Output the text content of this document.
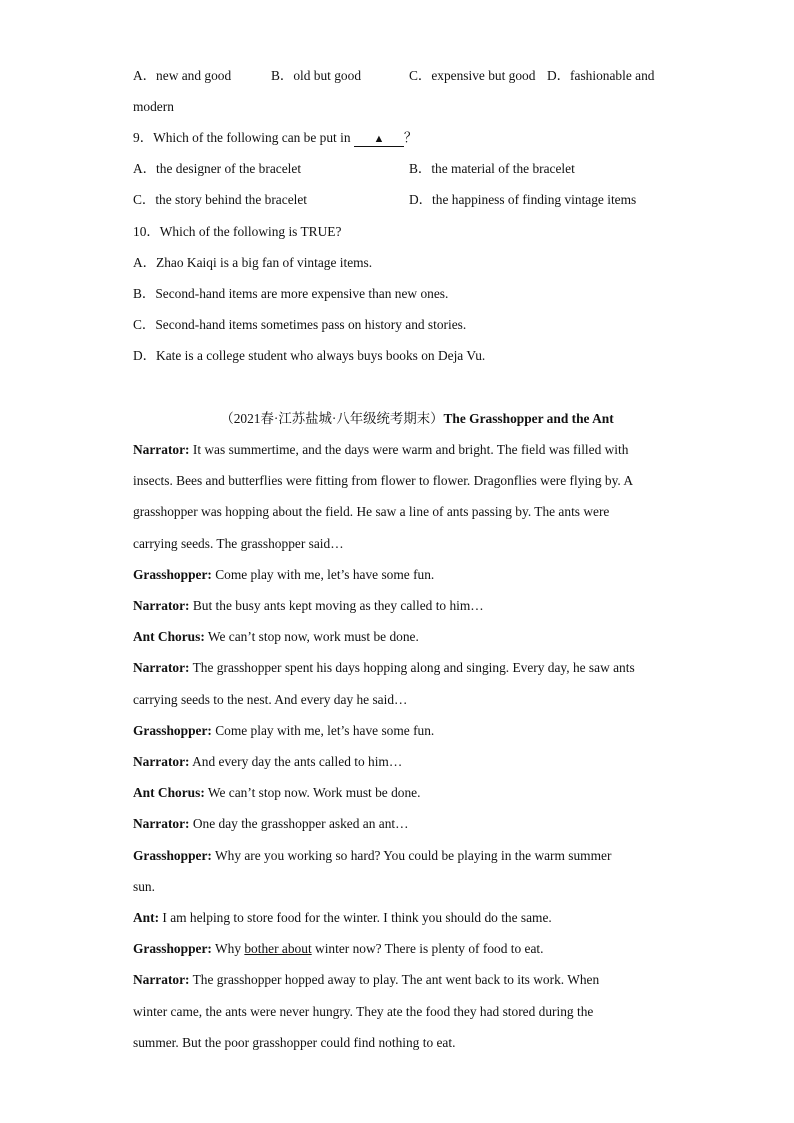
A．new and good	B．old but good	C．expensive but good D．fashionable and
modern
9．Which of the following can be put in ▲ ？
A．the designer of the bracelet	B．the material of the bracelet
C．the story behind the bracelet	D．the happiness of finding vintage items
10．Which of the following is TRUE?
A．Zhao Kaiqi is a big fan of vintage items.
B．Second-hand items are more expensive than new ones.
C．Second-hand items sometimes pass on history and stories.
D．Kate is a college student who always buys books on Deja Vu.
（2021春·江苏盐城·八年级统考期末）The Grasshopper and the Ant
Narrator: It was summertime, and the days were warm and bright. The field was filled with
insects. Bees and butterflies were fitting from flower to flower. Dragonflies were flying by. A
grasshopper was hopping about the field. He saw a line of ants passing by. The ants were
carrying seeds. The grasshopper said…
Grasshopper: Come play with me, let’s have some fun.
Narrator: But the busy ants kept moving as they called to him…
Ant Chorus: We can’t stop now, work must be done.
Narrator: The grasshopper spent his days hopping along and singing. Every day, he saw ants
carrying seeds to the nest. And every day he said…
Grasshopper: Come play with me, let’s have some fun.
Narrator: And every day the ants called to him…
Ant Chorus: We can’t stop now. Work must be done.
Narrator: One day the grasshopper asked an ant…
Grasshopper: Why are you working so hard? You could be playing in the warm summer
sun.
Ant: I am helping to store food for the winter. I think you should do the same.
Grasshopper: Why bother about winter now? There is plenty of food to eat.
Narrator: The grasshopper hopped away to play. The ant went back to its work. When
winter came, the ants were never hungry. They ate the food they had stored during the
summer. But the poor grasshopper could find nothing to eat.
